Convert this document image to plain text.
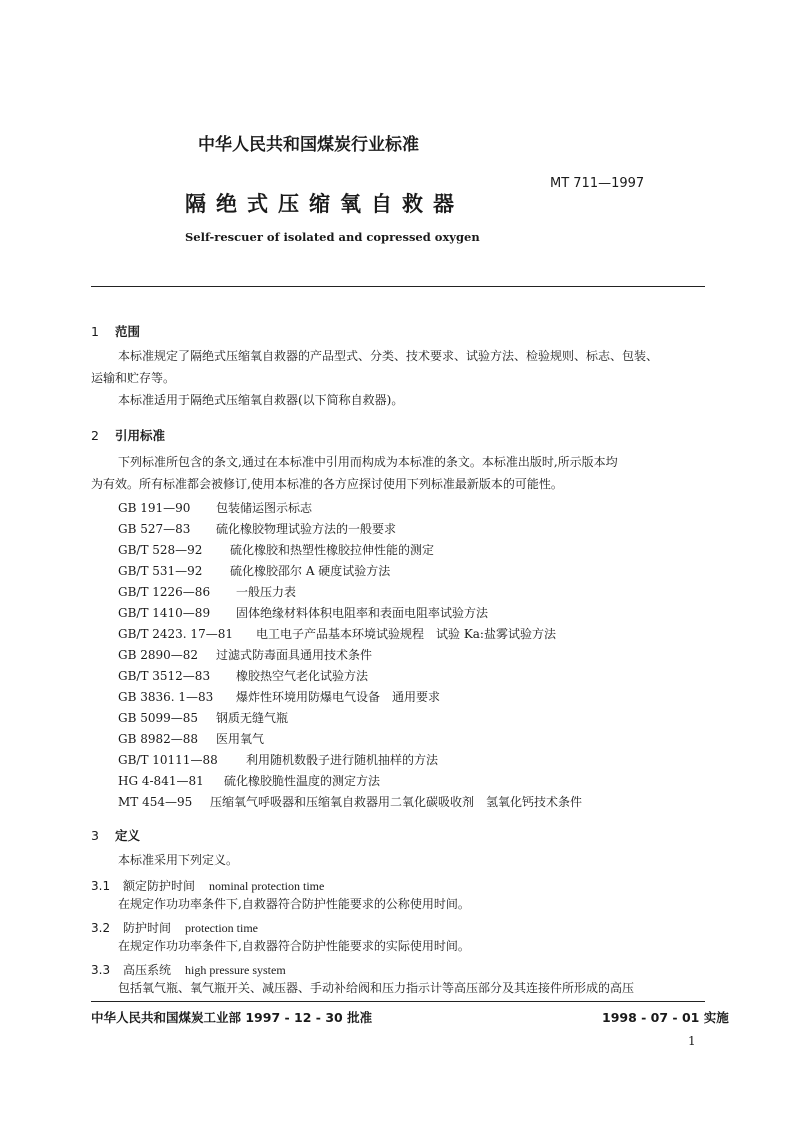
中华人民共和国煤炭行业标准
MT 711—1997
隔绝式压缩氧自救器
Self-rescuer of isolated and copressed oxygen
1 范围
本标准规定了隔绝式压缩氧自救器的产品型式、分类、技术要求、试验方法、检验规则、标志、包装、
运输和贮存等。
本标准适用于隔绝式压缩氧自救器(以下简称自救器)。
2 引用标准
下列标准所包含的条文,通过在本标准中引用而构成为本标准的条文。本标准出版时,所示版本均
为有效。所有标准都会被修订,使用本标准的各方应探讨使用下列标准最新版本的可能性。
GB 191—90 包装储运图示标志
GB 527—83 硫化橡胶物理试验方法的一般要求
GB/T 528—92 硫化橡胶和热塑性橡胶拉伸性能的测定
GB/T 531—92 硫化橡胶邵尔 A 硬度试验方法
GB/T 1226—86 一般压力表
GB/T 1410—89 固体绝缘材料体积电阻率和表面电阻率试验方法
GB/T 2423. 17—81 电工电子产品基本环境试验规程　试验 Ka:盐雾试验方法
GB 2890—82 过滤式防毒面具通用技术条件
GB/T 3512—83 橡胶热空气老化试验方法
GB 3836. 1—83 爆炸性环境用防爆电气设备　通用要求
GB 5099—85 钢质无缝气瓶
GB 8982—88 医用氧气
GB/T 10111—88 利用随机数骰子进行随机抽样的方法
HG 4-841—81 硫化橡胶脆性温度的测定方法
MT 454—95 压缩氧气呼吸器和压缩氧自救器用二氧化碳吸收剂　氢氧化钙技术条件
3 定义
本标准采用下列定义。
3.1 额定防护时间 nominal protection time
在规定作功功率条件下,自救器符合防护性能要求的公称使用时间。
3.2 防护时间 protection time
在规定作功功率条件下,自救器符合防护性能要求的实际使用时间。
3.3 高压系统 high pressure system
包括氧气瓶、氧气瓶开关、减压器、手动补给阀和压力指示计等高压部分及其连接件所形成的高压
中华人民共和国煤炭工业部 1997 - 12 - 30 批准	1998 - 07 - 01 实施
1
